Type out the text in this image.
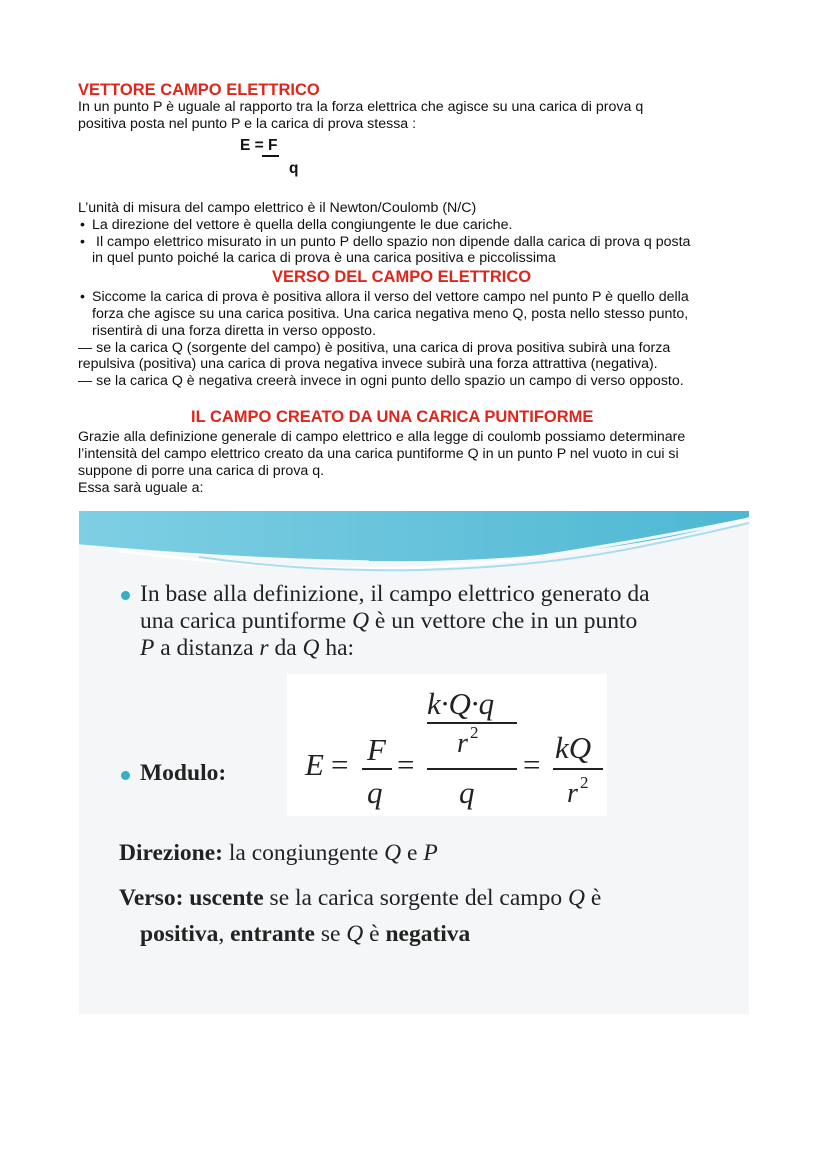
VETTORE CAMPO ELETTRICO
In un punto P è uguale al rapporto tra la forza elettrica che agisce su una carica di prova q
positiva posta nel punto P e la carica di prova stessa :
E = F
q
L’unità di misura del campo elettrico è il Newton/Coulomb (N/C)
• La direzione del vettore è quella della congiungente le due cariche.
• Il campo elettrico misurato in un punto P dello spazio non dipende dalla carica di prova q posta
in quel punto poiché la carica di prova è una carica positiva e piccolissima
VERSO DEL CAMPO ELETTRICO
• Siccome la carica di prova è positiva allora il verso del vettore campo nel punto P è quello della
forza che agisce su una carica positiva. Una carica negativa meno Q, posta nello stesso punto,
risentirà di una forza diretta in verso opposto.
— se la carica Q (sorgente del campo) è positiva, una carica di prova positiva subirà una forza
repulsiva (positiva) una carica di prova negativa invece subirà una forza attrattiva (negativa).
— se la carica Q è negativa creerà invece in ogni punto dello spazio un campo di verso opposto.
IL CAMPO CREATO DA UNA CARICA PUNTIFORME
Grazie alla definizione generale di campo elettrico e alla legge di coulomb possiamo determinare
l’intensità del campo elettrico creato da una carica puntiforme Q in un punto P nel vuoto in cui si
suppone di porre una carica di prova q.
Essa sarà uguale a:
In base alla definizione, il campo elettrico generato da
una carica puntiforme Q è un vettore che in un punto
P a distanza r da Q ha:
E = F
q
=
k·Q·q
r 2
q
= kQ
r 2
Modulo:
Direzione: la congiungente Q e P
Verso: uscente se la carica sorgente del campo Q è
positiva, entrante se Q è negativa
